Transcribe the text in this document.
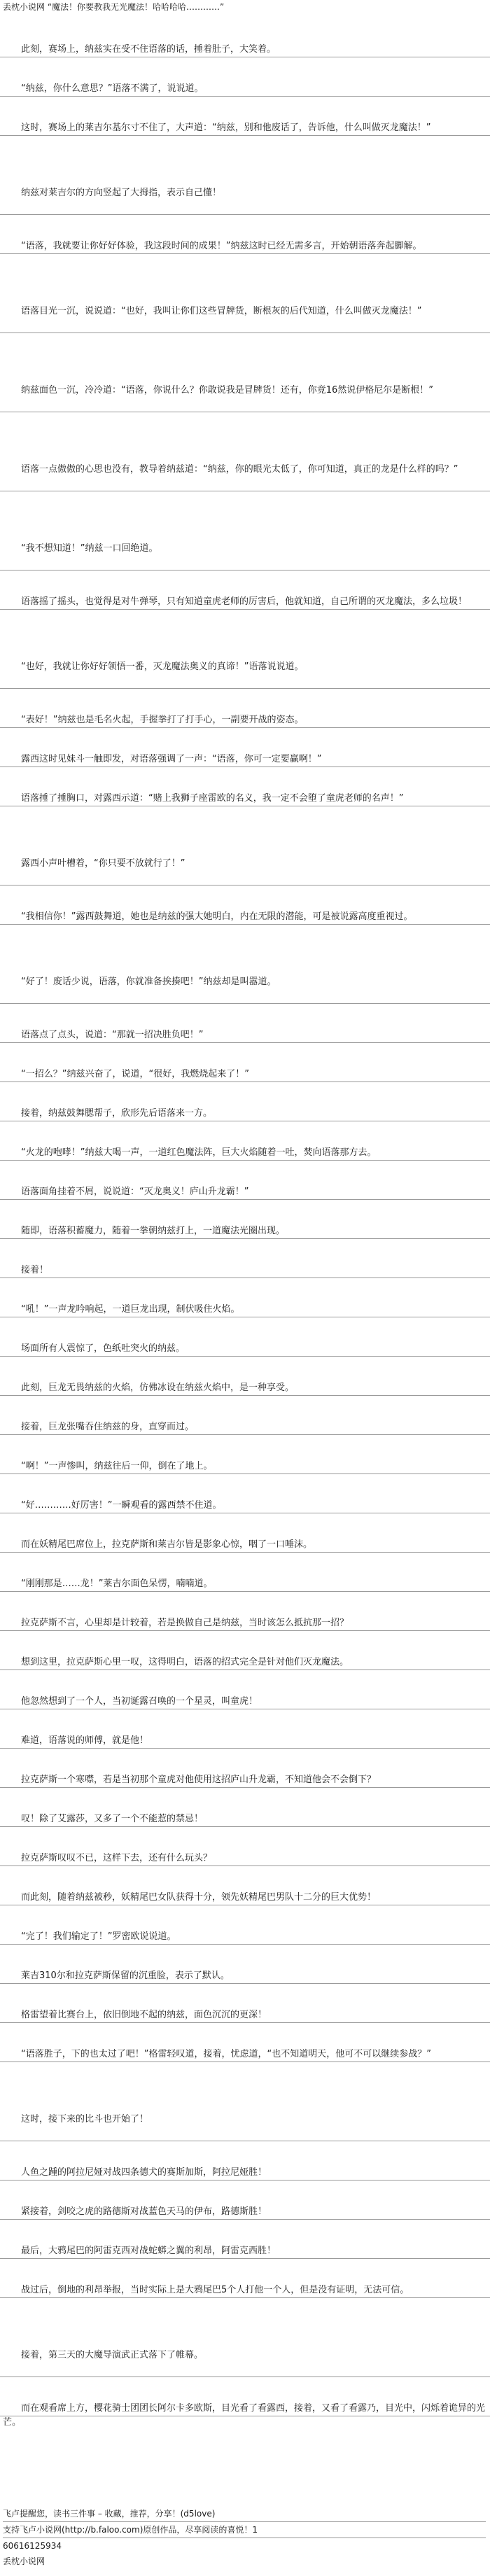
丢枕小说网 “魔法！你要教我无光魔法！哈哈哈哈…………”

此刻，赛场上，纳兹实在受不住语落的话，捶着肚子，大笑着。

“纳兹，你什么意思？”语落不满了，说说道。

这时，赛场上的莱吉尔基尔寸不住了，大声道：“纳兹，别和他废话了，告诉他，什么叫做灭龙魔法！”

纳兹对莱吉尔的方向竖起了大拇指，表示自己懂！

“语落，我就要让你好好体验，我这段时间的成果！”纳兹这时已经无需多言，开始朝语落奔起脚解。

语落目光一沉，说说道：“也好，我叫让你们这些冒牌货，断根灰的后代知道，什么叫做灭龙魔法！”

纳兹面色一沉，冷冷道：“语落，你说什么？你敢说我是冒牌货！还有，你竟16然说伊格尼尔是断根！”

语落一点傲傲的心思也没有，教导着纳兹道：“纳兹，你的眼光太低了，你可知道，真正的龙是什么样的吗？”

“我不想知道！”纳兹一口回绝道。

语落摇了摇头，也觉得是对牛弹琴，只有知道童虎老师的厉害后，他就知道，自己所谓的灭龙魔法，多么垃圾！

“也好，我就让你好好领悟一番，灭龙魔法奥义的真谛！”语落说说道。

“表好！”纳兹也是毛名火起，手握拳打了打手心，一副要开战的姿态。

露西这时见妹斗一触即发，对语落强调了一声：“语落，你可一定要赢啊！”

语落捶了捶胸口，对露西示道：“赌上我狮子座雷欧的名义，我一定不会堕了童虎老师的名声！”

露西小声叶槽着，“你只要不放就行了！”

“我相信你！”露西鼓舞道，她也是纳兹的强大她明白，内在无限的潜能，可是被说露高度重视过。

“好了！废话少说，语落，你就准备挨揍吧！”纳兹却是叫嚣道。

语落点了点头，说道：“那就一招决胜负吧！”

“一招么？”纳兹兴奋了，说道，“很好，我燃烧起来了！”

接着，纳兹鼓舞腮帮子，欣形先后语落来一方。

“火龙的咆哮！”纳兹大喝一声，一道红色魔法阵，巨大火焰随着一吐，焚向语落那方去。

语落面角挂着不屑，说说道：“灭龙奥义！庐山升龙霸！”

随即，语落积蓄魔力，随着一拳朝纳兹打上，一道魔法光圈出现。

接着！

“吼！”一声龙吟响起，一道巨龙出现，制伏吸住火焰。

场面所有人震惊了，色纸吐突火的纳兹。

此刻，巨龙无畏纳兹的火焰，仿佛冰设在纳兹火焰中，是一种享受。

接着，巨龙张嘴吞住纳兹的身，直穿而过。

“啊！”一声惨叫，纳兹往后一仰，倒在了地上。

“好…………好厉害！”一瞬观看的露西禁不住道。

而在妖精尾巴席位上，拉克萨斯和莱吉尔皆是影象心惊，咽了一口唾沫。

“刚刚那是……龙！”莱吉尔面色呆愣，喃喃道。

拉克萨斯不言，心里却是计较着，若是换做自己是纳兹，当时该怎么抵抗那一招？

想到这里，拉克萨斯心里一叹，这得明白，语落的招式完全是针对他们灭龙魔法。

他忽然想到了一个人，当初诞露召唤的一个星灵，叫童虎！

难道，语落说的师傅，就是他！

拉克萨斯一个寒噤，若是当初那个童虎对他使用这招庐山升龙霸，不知道他会不会倒下？

叹！除了艾露莎，又多了一个不能惹的禁忌！

拉克萨斯叹叹不已，这样下去，还有什么玩头？

而此刻，随着纳兹被秒，妖精尾巴女队获得十分，领先妖精尾巴男队十二分的巨大优势！

“完了！我们输定了！”罗密欧说说道。

莱吉310尔和拉克萨斯保留的沉重脸，表示了默认。

格雷望着比赛台上，依旧倒地不起的纳兹，面色沉沉的更深！

“语落胜子，下的也太过了吧！”格雷轻叹道，接着，忧虑道，“也不知道明天，他可不可以继续参战？”

这时，接下来的比斗也开始了！

人鱼之踵的阿拉尼娅对战四条德犬的赛斯加斯，阿拉尼娅胜！

紧接着，剑咬之虎的路德斯对战蓝色天马的伊布，路德斯胜！

最后，大鸦尾巴的阿雷克西对战蛇蟒之翼的利昂，阿雷克西胜！

战过后，倒地的利昂举报，当时实际上是大鸦尾巴5个人打他一个人，但是没有证明，无法可信。

接着，第三天的大魔导演武正式落下了帷幕。

而在观看席上方，樱花骑士团团长阿尔卡多欧斯，目光看了看露西，接着，又看了看露乃，目光中，闪烁着诡异的光芒。

飞卢提醒您，读书三件事 – 收藏，推荐，分享！(d5love)
支持飞卢小说网(http://b.faloo.com)原创作品，尽享阅读的喜悦！1
60616125934
丢枕小说网
